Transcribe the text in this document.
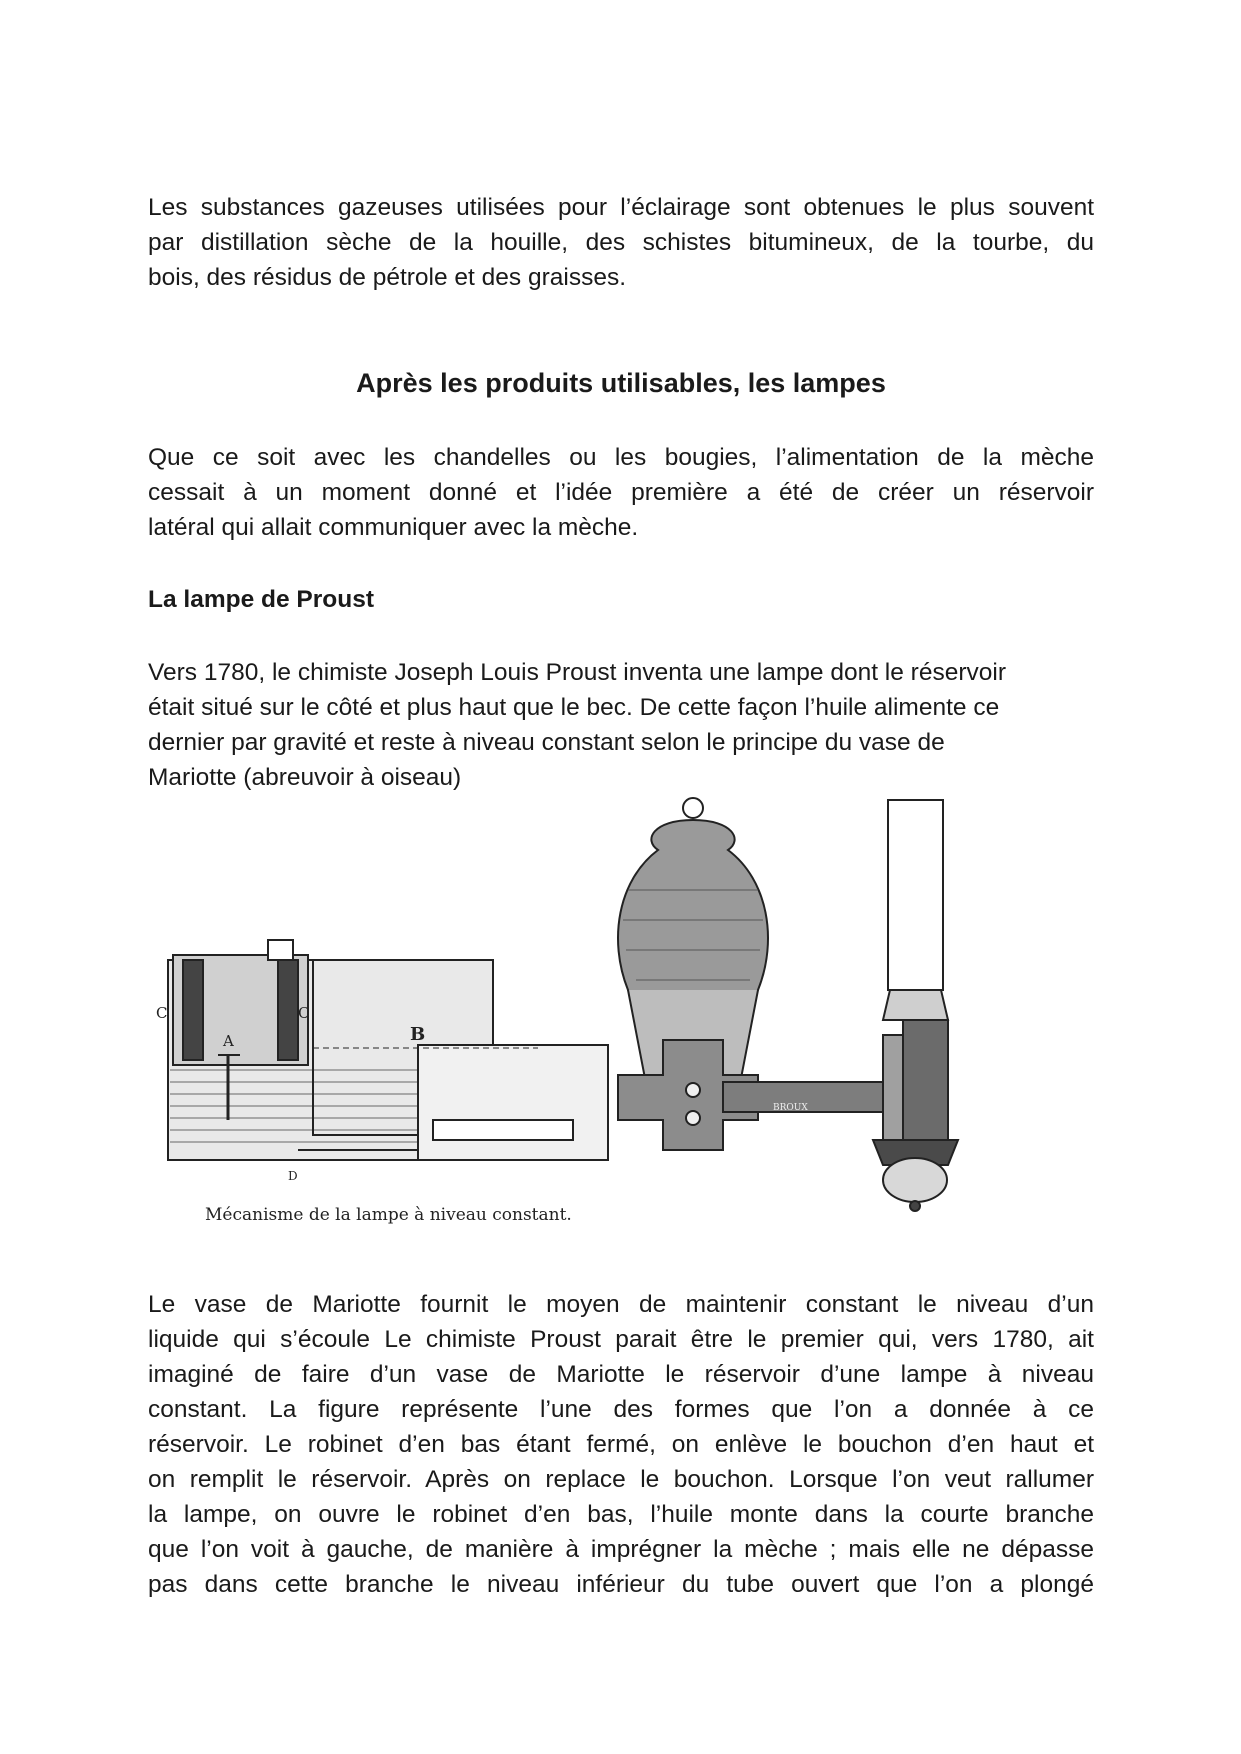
Les substances gazeuses utilisées pour l’éclairage sont obtenues le plus souvent
par distillation sèche de la houille, des schistes bitumineux, de la tourbe, du
bois, des résidus de pétrole et des graisses.

Après les produits utilisables, les lampes

Que ce soit avec les chandelles ou les bougies, l’alimentation de la mèche
cessait à un moment donné et l’idée première a été de créer un réservoir
latéral qui allait communiquer avec la mèche.

La lampe de Proust

Vers 1780, le chimiste Joseph Louis Proust inventa une lampe dont le réservoir
était situé sur le côté et plus haut que le bec. De cette façon l’huile alimente ce
dernier par gravité et reste à niveau constant selon le principe du vase de
Mariotte (abreuvoir à oiseau)

C	C
A	B
D
BROUX

Mécanisme de la lampe à niveau constant.

Le vase de Mariotte fournit le moyen de maintenir constant le niveau d’un
liquide qui s’écoule Le chimiste Proust parait être le premier qui, vers 1780, ait
imaginé de faire d’un vase de Mariotte le réservoir d’une lampe à niveau
constant. La figure représente l’une des formes que l’on a donnée à ce
réservoir. Le robinet d’en bas étant fermé, on enlève le bouchon d’en haut et
on remplit le réservoir. Après on replace le bouchon. Lorsque l’on veut rallumer
la lampe, on ouvre le robinet d’en bas, l’huile monte dans la courte branche
que l’on voit à gauche, de manière à imprégner la mèche ; mais elle ne dépasse
pas dans cette branche le niveau inférieur du tube ouvert que l’on a plongé
